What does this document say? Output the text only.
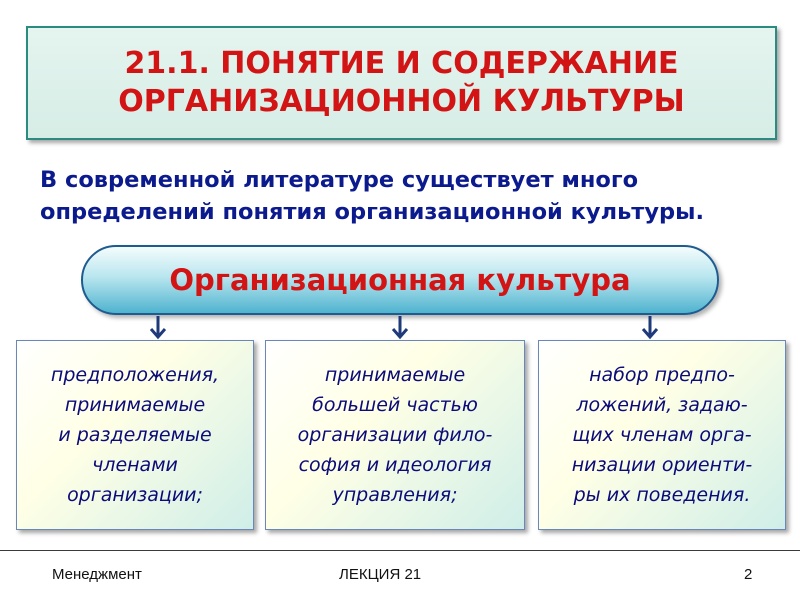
21.1. ПОНЯТИЕ И СОДЕРЖАНИЕ
ОРГАНИЗАЦИОННОЙ КУЛЬТУРЫ
В современной литературе существует много
определений понятия организационной культуры.
Организационная культура
предположения,
принимаемые
и разделяемые
членами
организации;
принимаемые
большей частью
организации фило-
софия и идеология
управления;
набор предпо-
ложений, задаю-
щих членам орга-
низации ориенти-
ры их поведения.
Менеджмент	ЛЕКЦИЯ 21	2
